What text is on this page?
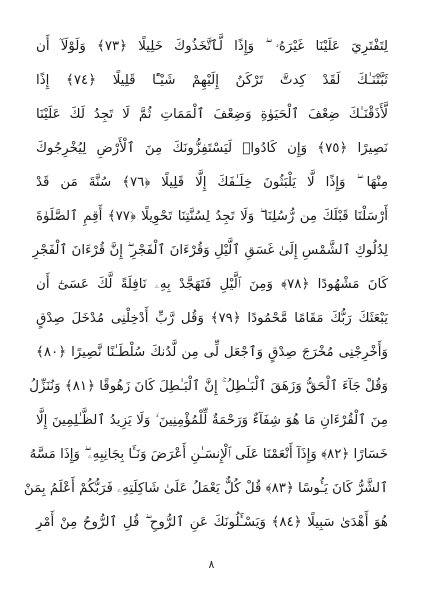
لِتَفْتَرِيَ عَلَيْنَا غَيْرَهُۥ ۖ وَإِذًا لَّٱتَّخَذُوكَ خَلِيلًا ﴿٧٣﴾ وَلَوْلَآ أَن
ثَبَّتْنَـٰكَ لَقَدْ كِدتَّ تَرْكَنُ إِلَيْهِمْ شَيْـًٔا قَلِيلًا ﴿٧٤﴾ إِذًا
لَّأَذَقْنَـٰكَ ضِعْفَ ٱلْحَيَوٰةِ وَضِعْفَ ٱلْمَمَاتِ ثُمَّ لَا تَجِدُ لَكَ عَلَيْنَا
نَصِيرًا ﴿٧٥﴾ وَإِن كَادُوا۟ لَيَسْتَفِزُّونَكَ مِنَ ٱلْأَرْضِ لِيُخْرِجُوكَ
مِنْهَا ۖ وَإِذًا لَّا يَلْبَثُونَ خِلَـٰفَكَ إِلَّا قَلِيلًا ﴿٧٦﴾ سُنَّةَ مَن قَدْ
أَرْسَلْنَا قَبْلَكَ مِن رُّسُلِنَا ۖ وَلَا تَجِدُ لِسُنَّتِنَا تَحْوِيلًا ﴿٧٧﴾ أَقِمِ ٱلصَّلَوٰةَ
لِدُلُوكِ ٱلشَّمْسِ إِلَىٰ غَسَقِ ٱلَّيْلِ وَقُرْءَانَ ٱلْفَجْرِ ۖ إِنَّ قُرْءَانَ ٱلْفَجْرِ
كَانَ مَشْهُودًا ﴿٧٨﴾ وَمِنَ ٱلَّيْلِ فَتَهَجَّدْ بِهِۦ نَافِلَةً لَّكَ عَسَىٰٓ أَن
يَبْعَثَكَ رَبُّكَ مَقَامًا مَّحْمُودًا ﴿٧٩﴾ وَقُل رَّبِّ أَدْخِلْنِى مُدْخَلَ صِدْقٍ
وَأَخْرِجْنِى مُخْرَجَ صِدْقٍ وَٱجْعَل لِّى مِن لَّدُنكَ سُلْطَـٰنًا نَّصِيرًا ﴿٨٠﴾
وَقُلْ جَآءَ ٱلْحَقُّ وَزَهَقَ ٱلْبَـٰطِلُ ۚ إِنَّ ٱلْبَـٰطِلَ كَانَ زَهُوقًا ﴿٨١﴾ وَنُنَزِّلُ
مِنَ ٱلْقُرْءَانِ مَا هُوَ شِفَآءٌ وَرَحْمَةٌ لِّلْمُؤْمِنِينَ ۙ وَلَا يَزِيدُ ٱلظَّـٰلِمِينَ إِلَّا
خَسَارًا ﴿٨٢﴾ وَإِذَآ أَنْعَمْنَا عَلَى ٱلْإِنسَـٰنِ أَعْرَضَ وَنَـَٔا بِجَانِبِهِۦ ۖ وَإِذَا مَسَّهُ
ٱلشَّرُّ كَانَ يَـُٔوسًا ﴿٨٣﴾ قُلْ كُلٌّ يَعْمَلُ عَلَىٰ شَاكِلَتِهِۦ فَرَبُّكُمْ أَعْلَمُ بِمَنْ
هُوَ أَهْدَىٰ سَبِيلًا ﴿٨٤﴾ وَيَسْـَٔلُونَكَ عَنِ ٱلرُّوحِ ۖ قُلِ ٱلرُّوحُ مِنْ أَمْرِ
٨
